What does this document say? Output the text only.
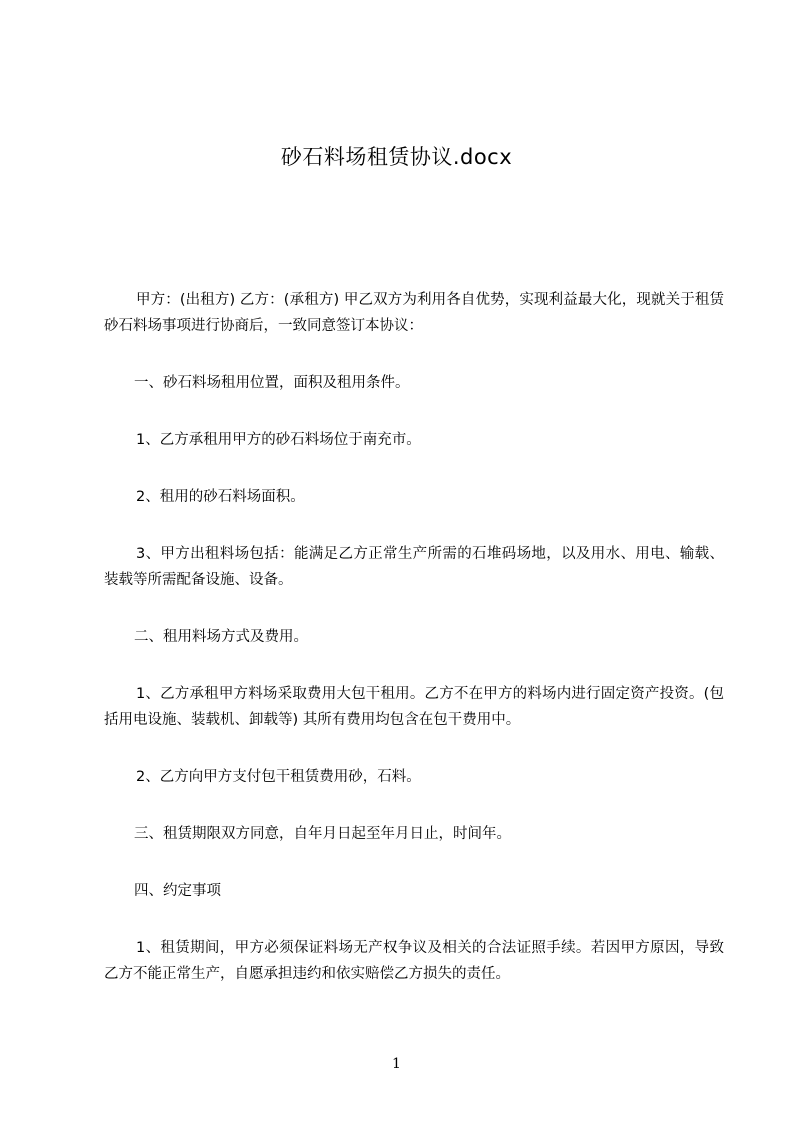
砂石料场租赁协议.docx

甲方：(出租方) 乙方：(承租方) 甲乙双方为利用各自优势，实现利益最大化，现就关于租赁砂石料场事项进行协商后，一致同意签订本协议：

一、砂石料场租用位置，面积及租用条件。

1、乙方承租用甲方的砂石料场位于南充市。

2、租用的砂石料场面积。

3、甲方出租料场包括：能满足乙方正常生产所需的石堆码场地，以及用水、用电、输载、装载等所需配备设施、设备。

二、租用料场方式及费用。

1、乙方承租甲方料场采取费用大包干租用。乙方不在甲方的料场内进行固定资产投资。(包括用电设施、装载机、卸载等) 其所有费用均包含在包干费用中。

2、乙方向甲方支付包干租赁费用砂，石料。

三、租赁期限双方同意，自年月日起至年月日止，时间年。

四、约定事项

1、租赁期间，甲方必须保证料场无产权争议及相关的合法证照手续。若因甲方原因，导致乙方不能正常生产，自愿承担违约和依实赔偿乙方损失的责任。

1
